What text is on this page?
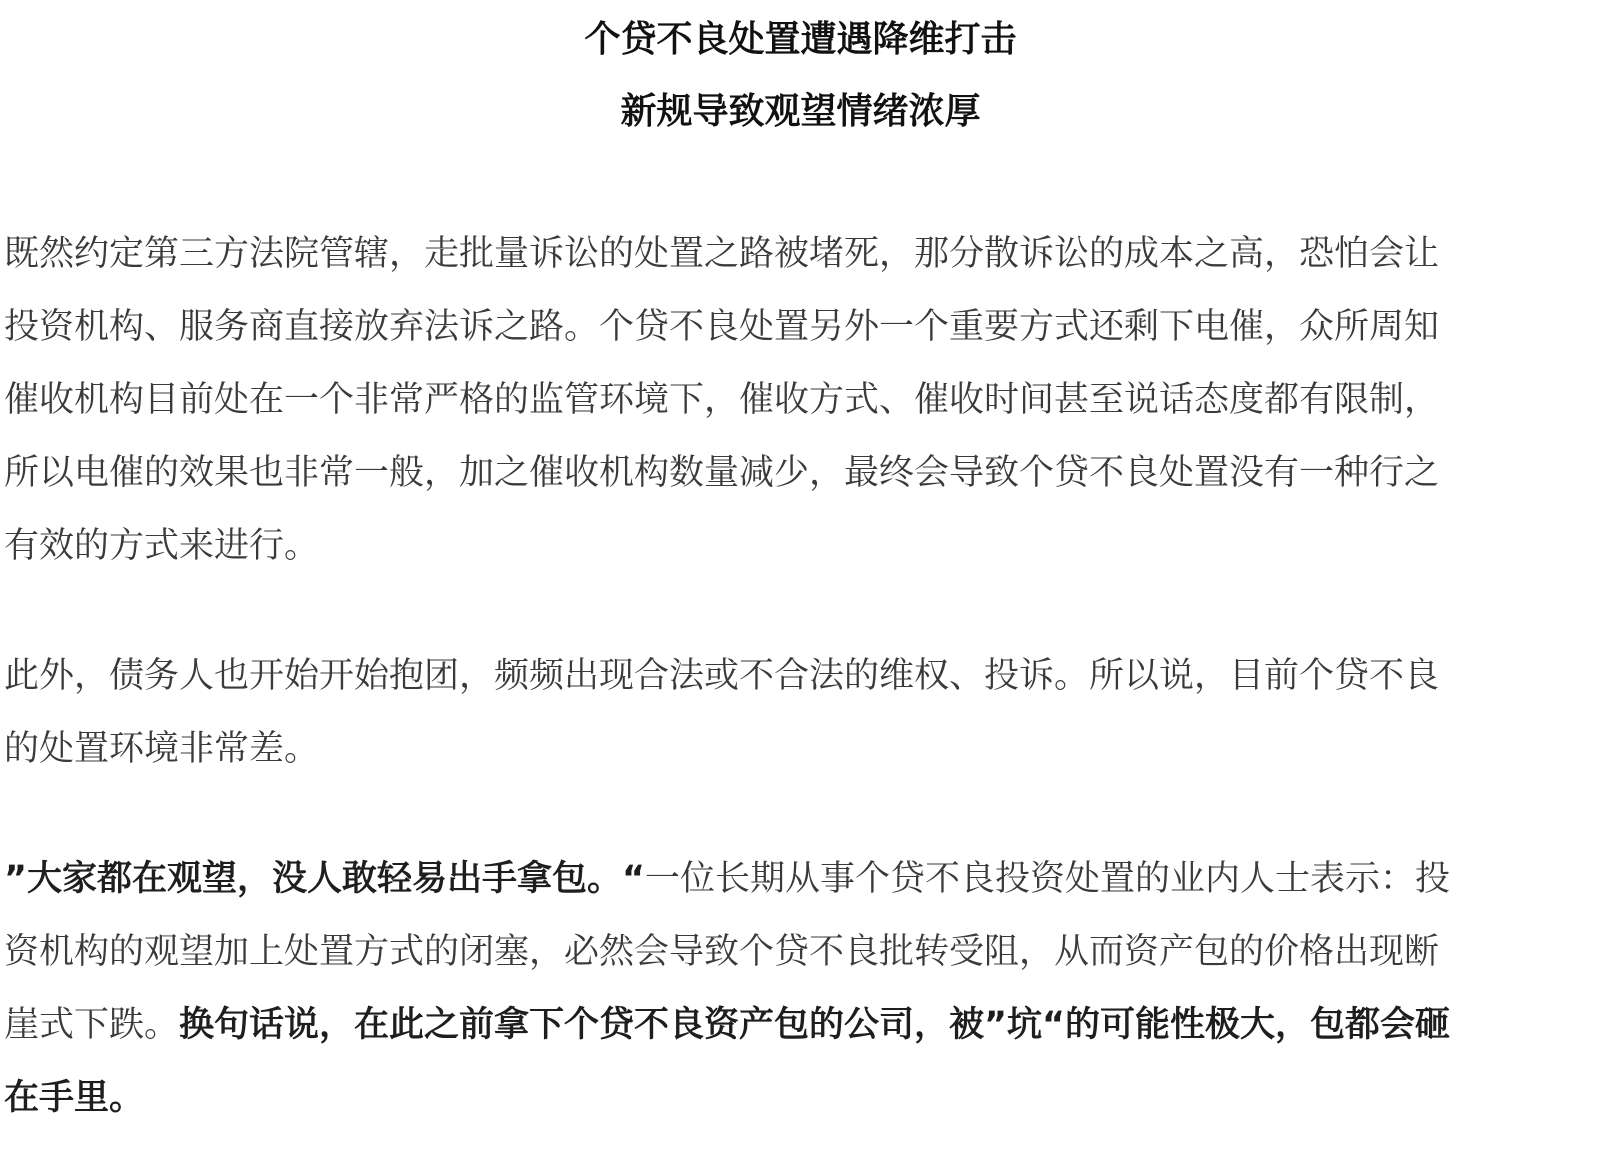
个贷不良处置遭遇降维打击
新规导致观望情绪浓厚
既然约定第三方法院管辖，走批量诉讼的处置之路被堵死，那分散诉讼的成本之高，恐怕会让
投资机构、服务商直接放弃法诉之路。个贷不良处置另外一个重要方式还剩下电催，众所周知
催收机构目前处在一个非常严格的监管环境下，催收方式、催收时间甚至说话态度都有限制，
所以电催的效果也非常一般，加之催收机构数量减少，最终会导致个贷不良处置没有一种行之
有效的方式来进行。
此外，债务人也开始开始抱团，频频出现合法或不合法的维权、投诉。所以说，目前个贷不良
的处置环境非常差。
”大家都在观望，没人敢轻易出手拿包。“一位长期从事个贷不良投资处置的业内人士表示：投
资机构的观望加上处置方式的闭塞，必然会导致个贷不良批转受阻，从而资产包的价格出现断
崖式下跌。换句话说，在此之前拿下个贷不良资产包的公司，被”坑“的可能性极大，包都会砸
在手里。
